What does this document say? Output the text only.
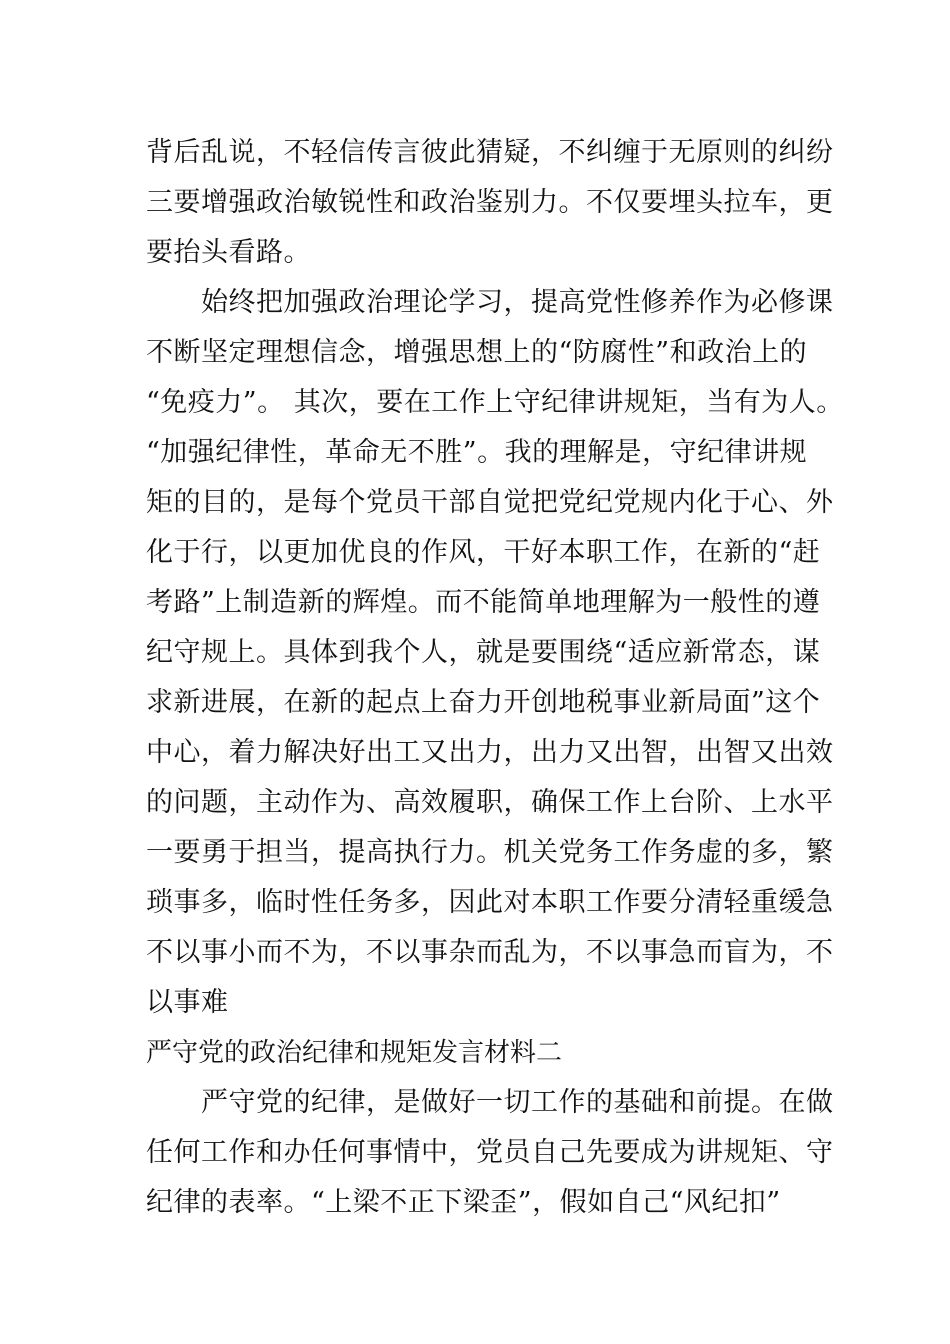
背后乱说，不轻信传言彼此猜疑，不纠缠于无原则的纠纷
三要增强政治敏锐性和政治鉴别力。不仅要埋头拉车，更
要抬头看路。
　　始终把加强政治理论学习，提高党性修养作为必修课
不断坚定理想信念，增强思想上的“防腐性”和政治上的
“免疫力”。 其次，要在工作上守纪律讲规矩，当有为人。
“加强纪律性，革命无不胜”。我的理解是，守纪律讲规
矩的目的，是每个党员干部自觉把党纪党规内化于心、外
化于行，以更加优良的作风，干好本职工作，在新的“赶
考路”上制造新的辉煌。而不能简单地理解为一般性的遵
纪守规上。具体到我个人，就是要围绕“适应新常态，谋
求新进展，在新的起点上奋力开创地税事业新局面”这个
中心，着力解决好出工又出力，出力又出智，出智又出效
的问题，主动作为、高效履职，确保工作上台阶、上水平
一要勇于担当，提高执行力。机关党务工作务虚的多，繁
琐事多，临时性任务多，因此对本职工作要分清轻重缓急
不以事小而不为，不以事杂而乱为，不以事急而盲为，不
以事难
严守党的政治纪律和规矩发言材料二
　　严守党的纪律，是做好一切工作的基础和前提。在做
任何工作和办任何事情中，党员自己先要成为讲规矩、守
纪律的表率。“上梁不正下梁歪”，假如自己“风纪扣”
